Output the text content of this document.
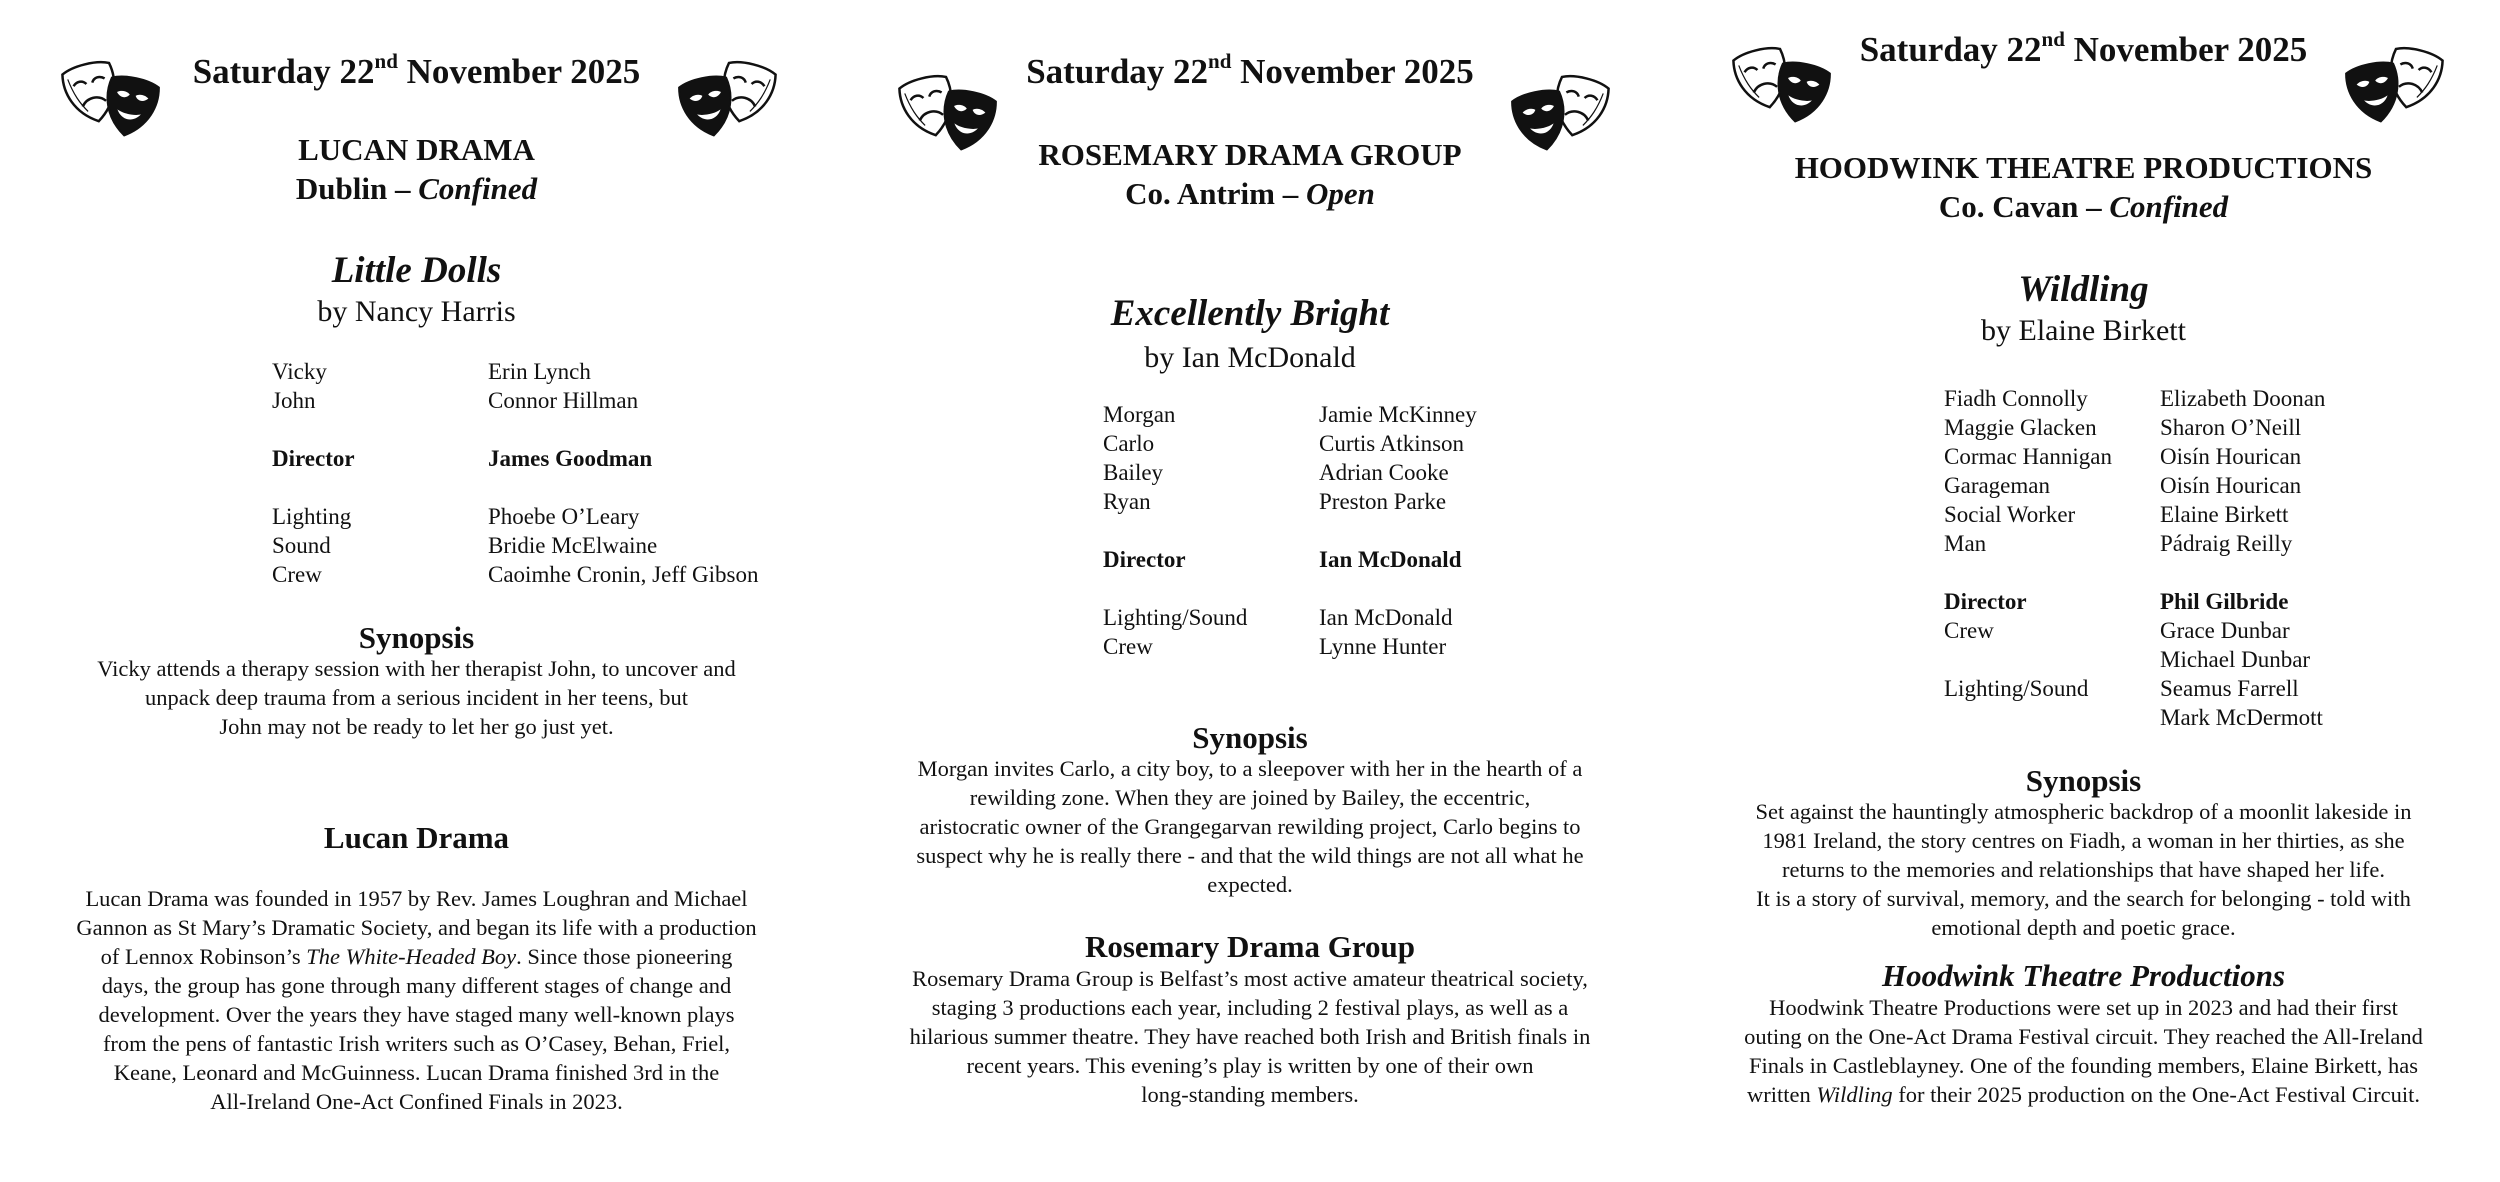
Saturday 22nd November 2025
LUCAN DRAMA
Dublin – Confined
Little Dolls
by Nancy Harris
Vicky	Erin Lynch
John	Connor Hillman
Director	James Goodman
Lighting	Phoebe O’Leary
Sound	Bridie McElwaine
Crew	Caoimhe Cronin, Jeff Gibson
Synopsis
Vicky attends a therapy session with her therapist John, to uncover and
unpack deep trauma from a serious incident in her teens, but
John may not be ready to let her go just yet.
Lucan Drama
Lucan Drama was founded in 1957 by Rev. James Loughran and Michael
Gannon as St Mary’s Dramatic Society, and began its life with a production
of Lennox Robinson’s The White-Headed Boy. Since those pioneering
days, the group has gone through many different stages of change and
development. Over the years they have staged many well-known plays
from the pens of fantastic Irish writers such as O’Casey, Behan, Friel,
Keane, Leonard and McGuinness. Lucan Drama finished 3rd in the
All-Ireland One-Act Confined Finals in 2023.
Saturday 22nd November 2025
ROSEMARY DRAMA GROUP
Co. Antrim – Open
Excellently Bright
by Ian McDonald
Morgan	Jamie McKinney
Carlo	Curtis Atkinson
Bailey	Adrian Cooke
Ryan	Preston Parke
Director	Ian McDonald
Lighting/Sound	Ian McDonald
Crew	Lynne Hunter
Synopsis
Morgan invites Carlo, a city boy, to a sleepover with her in the hearth of a
rewilding zone. When they are joined by Bailey, the eccentric,
aristocratic owner of the Grangegarvan rewilding project, Carlo begins to
suspect why he is really there - and that the wild things are not all what he
expected.
Rosemary Drama Group
Rosemary Drama Group is Belfast’s most active amateur theatrical society,
staging 3 productions each year, including 2 festival plays, as well as a
hilarious summer theatre. They have reached both Irish and British finals in
recent years. This evening’s play is written by one of their own
long-standing members.
Saturday 22nd November 2025
HOODWINK THEATRE PRODUCTIONS
Co. Cavan – Confined
Wildling
by Elaine Birkett
Fiadh Connolly	Elizabeth Doonan
Maggie Glacken	Sharon O’Neill
Cormac Hannigan	Oisín Hourican
Garageman	Oisín Hourican
Social Worker	Elaine Birkett
Man	Pádraig Reilly
Director	Phil Gilbride
Crew	Grace Dunbar
Michael Dunbar
Lighting/Sound	Seamus Farrell
Mark McDermott
Synopsis
Set against the hauntingly atmospheric backdrop of a moonlit lakeside in
1981 Ireland, the story centres on Fiadh, a woman in her thirties, as she
returns to the memories and relationships that have shaped her life.
It is a story of survival, memory, and the search for belonging - told with
emotional depth and poetic grace.
Hoodwink Theatre Productions
Hoodwink Theatre Productions were set up in 2023 and had their first
outing on the One-Act Drama Festival circuit. They reached the All-Ireland
Finals in Castleblayney. One of the founding members, Elaine Birkett, has
written Wildling for their 2025 production on the One-Act Festival Circuit.
